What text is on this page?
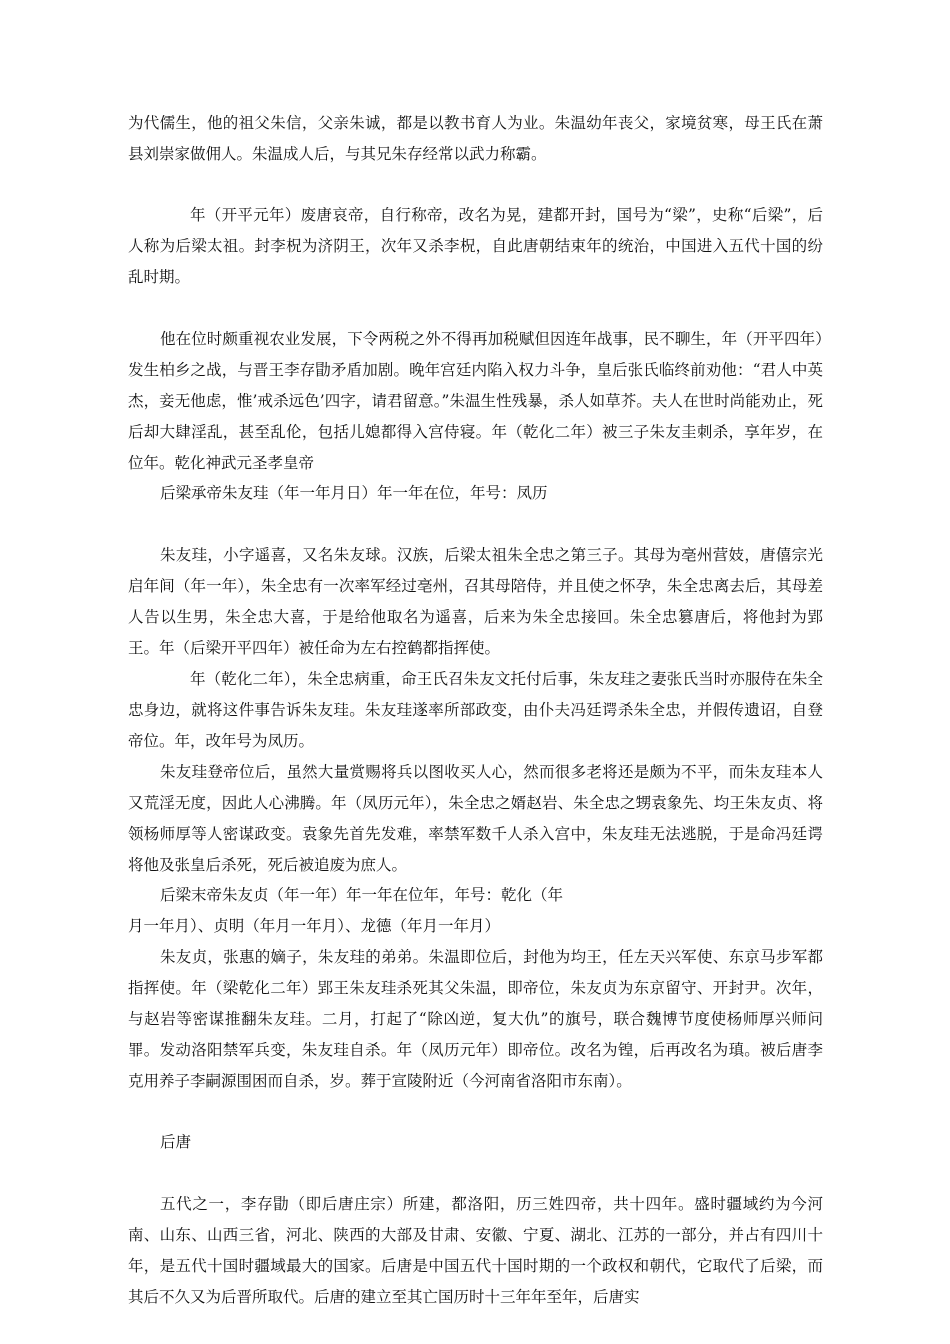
为代儒生，他的祖父朱信，父亲朱诚，都是以教书育人为业。朱温幼年丧父，家境贫寒，母王氏在萧县刘崇家做佣人。朱温成人后，与其兄朱存经常以武力称霸。

年（开平元年）废唐哀帝，自行称帝，改名为晃，建都开封，国号为“梁”，史称“后梁”，后人称为后梁太祖。封李柷为济阴王，次年又杀李柷，自此唐朝结束年的统治，中国进入五代十国的纷乱时期。

他在位时颇重视农业发展，下令两税之外不得再加税赋但因连年战事，民不聊生，年（开平四年）发生柏乡之战，与晋王李存勖矛盾加剧。晚年宫廷内陷入权力斗争，皇后张氏临终前劝他：“君人中英杰，妾无他虑，惟’戒杀远色’四字，请君留意。”朱温生性残暴，杀人如草芥。夫人在世时尚能劝止，死后却大肆淫乱，甚至乱伦，包括儿媳都得入宫侍寝。年（乾化二年）被三子朱友圭刺杀，享年岁，在位年。乾化神武元圣孝皇帝

后梁承帝朱友珪（年一年月日）年一年在位，年号：凤历

朱友珪，小字遥喜，又名朱友球。汉族，后梁太祖朱全忠之第三子。其母为亳州营妓，唐僖宗光启年间（年一年），朱全忠有一次率军经过亳州，召其母陪侍，并且使之怀孕，朱全忠离去后，其母差人告以生男，朱全忠大喜，于是给他取名为遥喜，后来为朱全忠接回。朱全忠篡唐后，将他封为郢王。年（后梁开平四年）被任命为左右控鹤都指挥使。

年（乾化二年），朱全忠病重，命王氏召朱友文托付后事，朱友珪之妻张氏当时亦服侍在朱全忠身边，就将这件事告诉朱友珪。朱友珪遂率所部政变，由仆夫冯廷谔杀朱全忠，并假传遗诏，自登帝位。年，改年号为凤历。

朱友珪登帝位后，虽然大量赏赐将兵以图收买人心，然而很多老将还是颇为不平，而朱友珪本人又荒淫无度，因此人心沸腾。年（凤历元年），朱全忠之婿赵岩、朱全忠之甥袁象先、均王朱友贞、将领杨师厚等人密谋政变。袁象先首先发难，率禁军数千人杀入宫中，朱友珪无法逃脱，于是命冯廷谔将他及张皇后杀死，死后被追废为庶人。

后梁末帝朱友贞（年一年）年一年在位年，年号：乾化（年
月一年月）、贞明（年月一年月）、龙德（年月一年月）

朱友贞，张惠的嫡子，朱友珪的弟弟。朱温即位后，封他为均王，任左天兴军使、东京马步军都指挥使。年（梁乾化二年）郢王朱友珪杀死其父朱温，即帝位，朱友贞为东京留守、开封尹。次年，与赵岩等密谋推翻朱友珪。二月，打起了“除凶逆，复大仇”的旗号，联合魏博节度使杨师厚兴师问罪。发动洛阳禁军兵变，朱友珪自杀。年（凤历元年）即帝位。改名为锽，后再改名为瑱。被后唐李克用养子李嗣源围困而自杀，岁。葬于宣陵附近（今河南省洛阳市东南）。

后唐

五代之一，李存勖（即后唐庄宗）所建，都洛阳，历三姓四帝，共十四年。盛时疆域约为今河南、山东、山西三省，河北、陕西的大部及甘肃、安徽、宁夏、湖北、江苏的一部分，并占有四川十年，是五代十国时疆域最大的国家。后唐是中国五代十国时期的一个政权和朝代，它取代了后梁，而其后不久又为后晋所取代。后唐的建立至其亡国历时十三年年至年，后唐实
